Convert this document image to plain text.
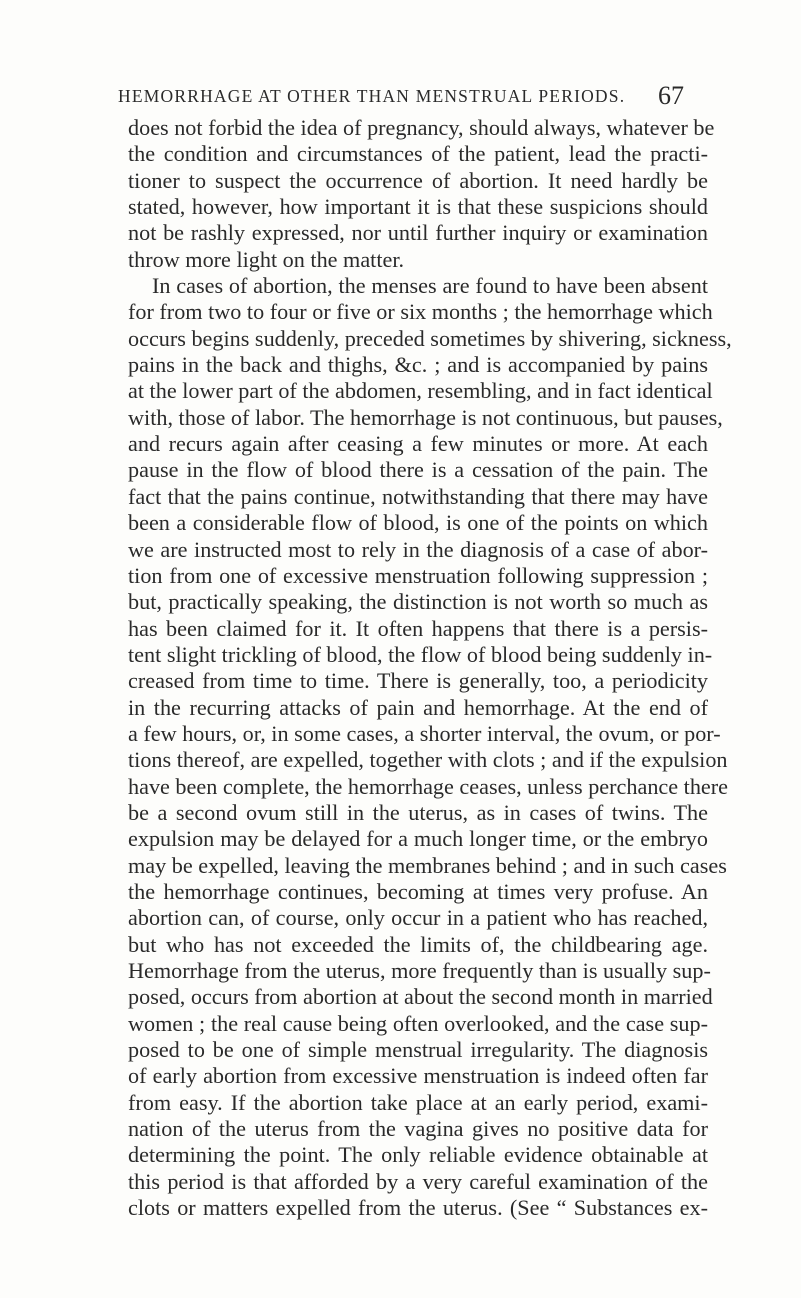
HEMORRHAGE AT OTHER THAN MENSTRUAL PERIODS. 67
does not forbid the idea of pregnancy, should always, whatever be
the condition and circumstances of the patient, lead the practi-
tioner to suspect the occurrence of abortion. It need hardly be
stated, however, how important it is that these suspicions should
not be rashly expressed, nor until further inquiry or examination
throw more light on the matter.
In cases of abortion, the menses are found to have been absent
for from two to four or five or six months ; the hemorrhage which
occurs begins suddenly, preceded sometimes by shivering, sickness,
pains in the back and thighs, &c. ; and is accompanied by pains
at the lower part of the abdomen, resembling, and in fact identical
with, those of labor. The hemorrhage is not continuous, but pauses,
and recurs again after ceasing a few minutes or more. At each
pause in the flow of blood there is a cessation of the pain. The
fact that the pains continue, notwithstanding that there may have
been a considerable flow of blood, is one of the points on which
we are instructed most to rely in the diagnosis of a case of abor-
tion from one of excessive menstruation following suppression ;
but, practically speaking, the distinction is not worth so much as
has been claimed for it. It often happens that there is a persis-
tent slight trickling of blood, the flow of blood being suddenly in-
creased from time to time. There is generally, too, a periodicity
in the recurring attacks of pain and hemorrhage. At the end of
a few hours, or, in some cases, a shorter interval, the ovum, or por-
tions thereof, are expelled, together with clots ; and if the expulsion
have been complete, the hemorrhage ceases, unless perchance there
be a second ovum still in the uterus, as in cases of twins. The
expulsion may be delayed for a much longer time, or the embryo
may be expelled, leaving the membranes behind ; and in such cases
the hemorrhage continues, becoming at times very profuse. An
abortion can, of course, only occur in a patient who has reached,
but who has not exceeded the limits of, the childbearing age.
Hemorrhage from the uterus, more frequently than is usually sup-
posed, occurs from abortion at about the second month in married
women ; the real cause being often overlooked, and the case sup-
posed to be one of simple menstrual irregularity. The diagnosis
of early abortion from excessive menstruation is indeed often far
from easy. If the abortion take place at an early period, exami-
nation of the uterus from the vagina gives no positive data for
determining the point. The only reliable evidence obtainable at
this period is that afforded by a very careful examination of the
clots or matters expelled from the uterus. (See “ Substances ex-
